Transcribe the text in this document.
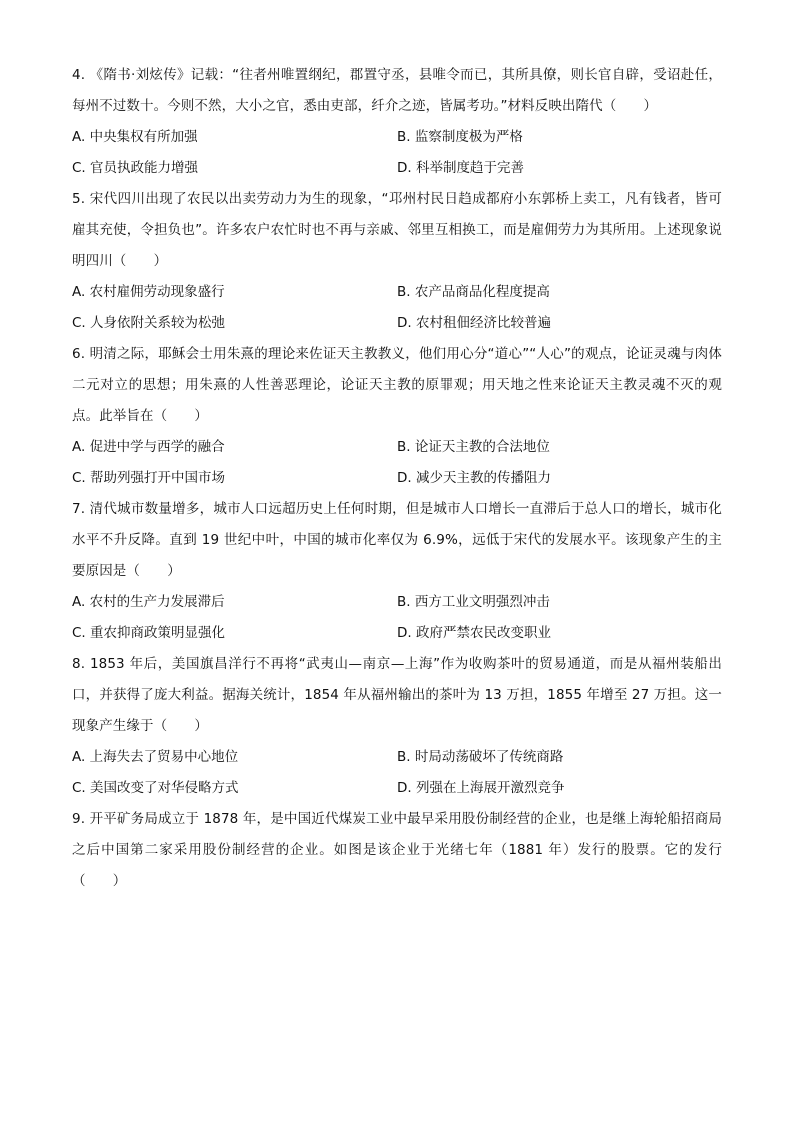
4. 《隋书·刘炫传》记载：“往者州唯置纲纪，郡置守丞，县唯令而已，其所具僚，则长官自辟，受诏赴任，每州不过数十。今则不然，大小之官，悉由吏部，纤介之迹，皆属考功。”材料反映出隋代（　　）

A. 中央集权有所加强	B. 监察制度极为严格
C. 官员执政能力增强	D. 科举制度趋于完善

5. 宋代四川出现了农民以出卖劳动力为生的现象，“邛州村民日趋成都府小东郭桥上卖工，凡有钱者，皆可雇其充使，令担负也”。许多农户农忙时也不再与亲戚、邻里互相换工，而是雇佣劳力为其所用。上述现象说明四川（　　）

A. 农村雇佣劳动现象盛行	B. 农产品商品化程度提高
C. 人身依附关系较为松弛	D. 农村租佃经济比较普遍

6. 明清之际，耶稣会士用朱熹的理论来佐证天主教教义，他们用心分“道心”“人心”的观点，论证灵魂与肉体二元对立的思想；用朱熹的人性善恶理论，论证天主教的原罪观；用天地之性来论证天主教灵魂不灭的观点。此举旨在（　　）

A. 促进中学与西学的融合	B. 论证天主教的合法地位
C. 帮助列强打开中国市场	D. 减少天主教的传播阻力

7. 清代城市数量增多，城市人口远超历史上任何时期，但是城市人口增长一直滞后于总人口的增长，城市化水平不升反降。直到 19 世纪中叶，中国的城市化率仅为 6.9%，远低于宋代的发展水平。该现象产生的主要原因是（　　）

A. 农村的生产力发展滞后	B. 西方工业文明强烈冲击
C. 重农抑商政策明显强化	D. 政府严禁农民改变职业

8. 1853 年后，美国旗昌洋行不再将“武夷山—南京—上海”作为收购茶叶的贸易通道，而是从福州装船出口，并获得了庞大利益。据海关统计，1854 年从福州输出的茶叶为 13 万担，1855 年增至 27 万担。这一现象产生缘于（　　）

A. 上海失去了贸易中心地位	B. 时局动荡破坏了传统商路
C. 美国改变了对华侵略方式	D. 列强在上海展开激烈竞争

9. 开平矿务局成立于 1878 年，是中国近代煤炭工业中最早采用股份制经营的企业，也是继上海轮船招商局之后中国第二家采用股份制经营的企业。如图是该企业于光绪七年（1881 年）发行的股票。它的发行（　　）
